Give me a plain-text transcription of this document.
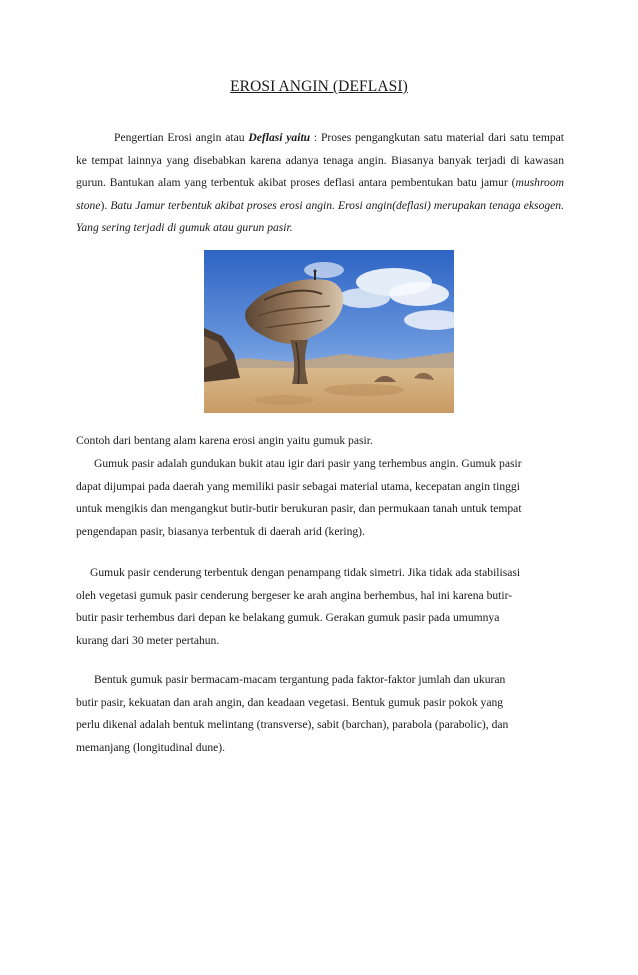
EROSI ANGIN (DEFLASI)

Pengertian Erosi angin atau Deflasi yaitu : Proses pengangkutan satu material dari satu tempat ke tempat lainnya yang disebabkan karena adanya tenaga angin. Biasanya banyak terjadi di kawasan gurun. Bantukan alam yang terbentuk akibat proses deflasi antara pembentukan batu jamur (mushroom stone). Batu Jamur terbentuk akibat proses erosi angin. Erosi angin(deflasi) merupakan tenaga eksogen. Yang sering terjadi di gumuk atau gurun pasir.

Contoh dari bentang alam karena erosi angin yaitu gumuk pasir.
Gumuk pasir adalah gundukan bukit atau igir dari pasir yang terhembus angin. Gumuk pasir
dapat dijumpai pada daerah yang memiliki pasir sebagai material utama, kecepatan angin tinggi
untuk mengikis dan mengangkut butir-butir berukuran pasir, dan permukaan tanah untuk tempat
pengendapan pasir, biasanya terbentuk di daerah arid (kering).
Gumuk pasir cenderung terbentuk dengan penampang tidak simetri. Jika tidak ada stabilisasi
oleh vegetasi gumuk pasir cenderung bergeser ke arah angina berhembus, hal ini karena butir-
butir pasir terhembus dari depan ke belakang gumuk. Gerakan gumuk pasir pada umumnya
kurang dari 30 meter pertahun.
Bentuk gumuk pasir bermacam-macam tergantung pada faktor-faktor jumlah dan ukuran
butir pasir, kekuatan dan arah angin, dan keadaan vegetasi. Bentuk gumuk pasir pokok yang
perlu dikenal adalah bentuk melintang (transverse), sabit (barchan), parabola (parabolic), dan
memanjang (longitudinal dune).
